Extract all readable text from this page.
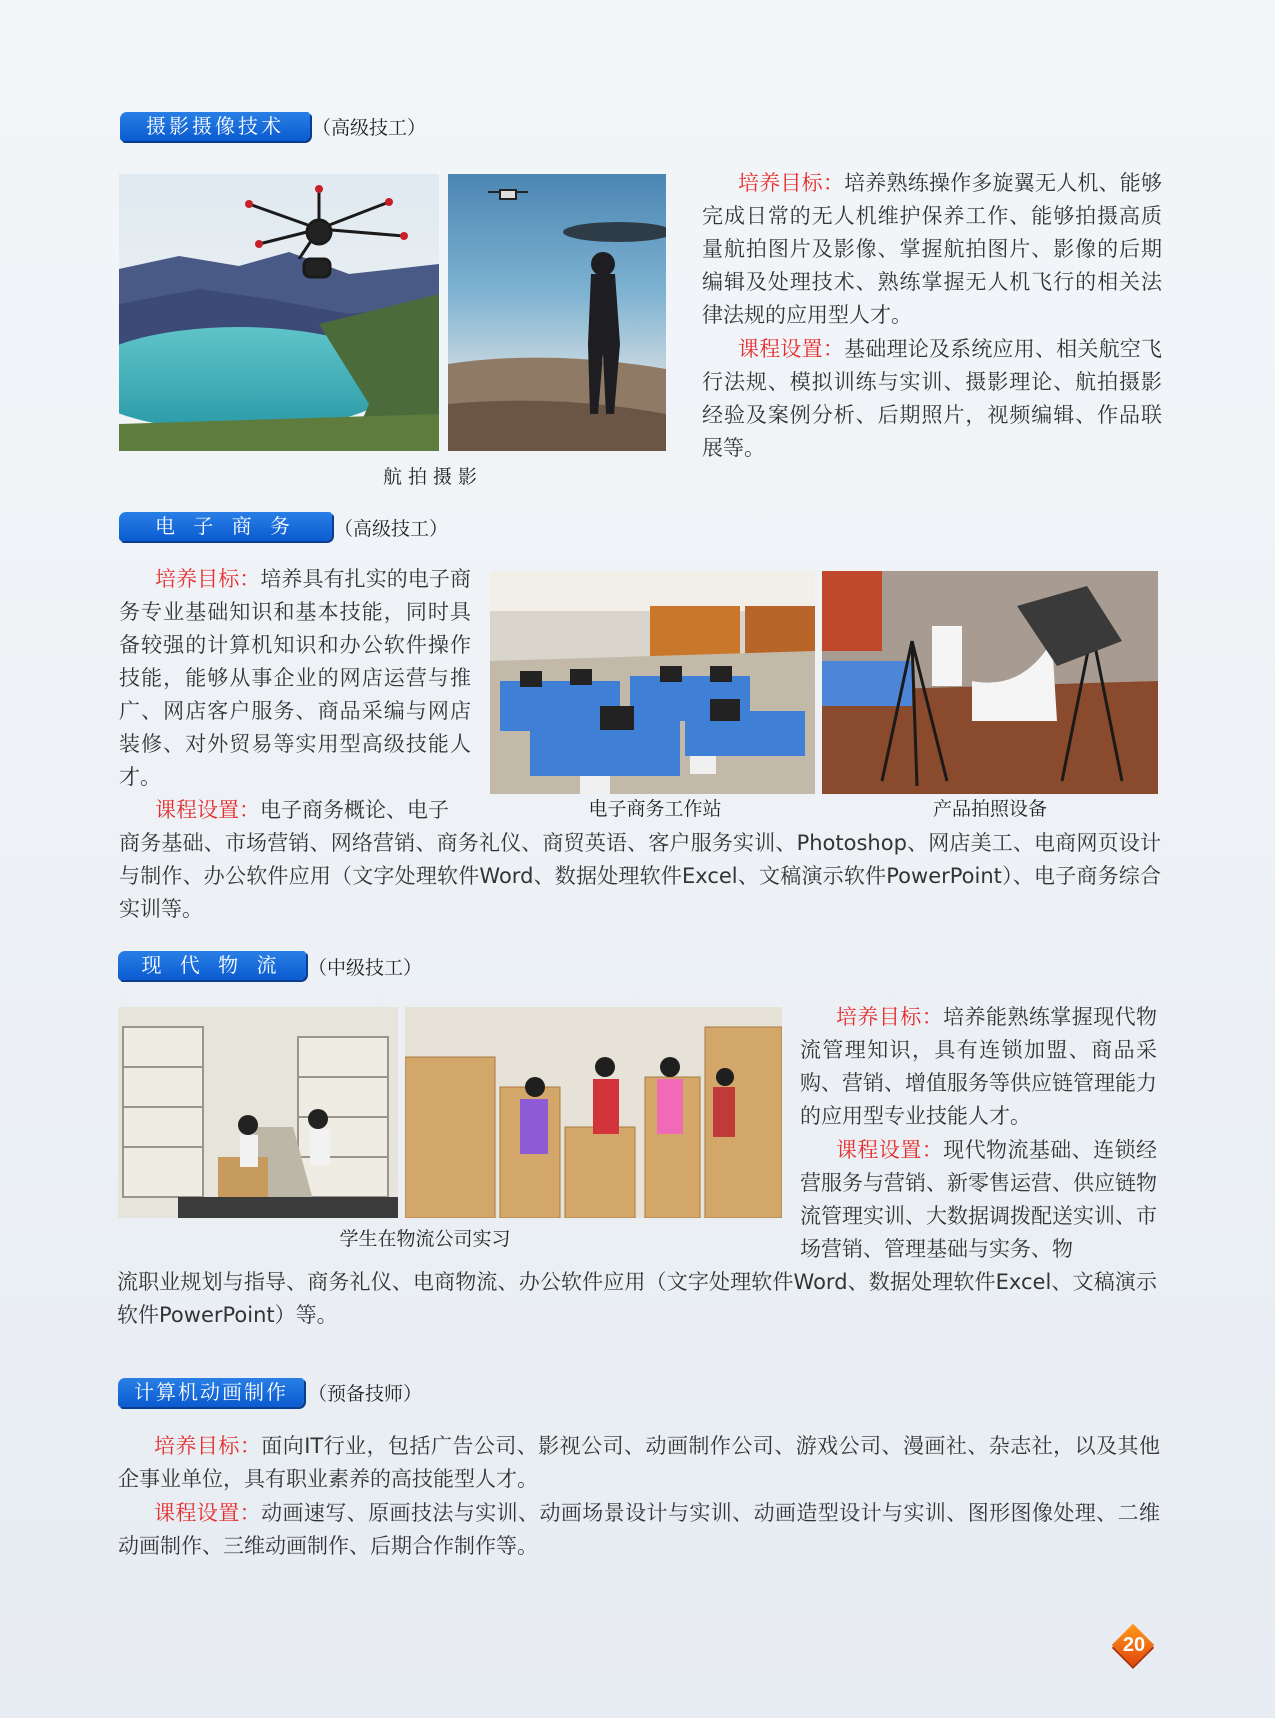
摄影摄像技术	（高级技工）
航 拍 摄 影

培养目标：培养熟练操作多旋翼无人机、能够完成日常的无人机维护保养工作、能够拍摄高质量航拍图片及影像、掌握航拍图片、影像的后期编辑及处理技术、熟练掌握无人机飞行的相关法律法规的应用型人才。

课程设置：基础理论及系统应用、相关航空飞行法规、模拟训练与实训、摄影理论、航拍摄影经验及案例分析、后期照片，视频编辑、作品联展等。

电 子 商 务	（高级技工）

培养目标：培养具有扎实的电子商务专业基础知识和基本技能，同时具备较强的计算机知识和办公软件操作技能，能够从事企业的网店运营与推广、网店客户服务、商品采编与网店装修、对外贸易等实用型高级技能人才。

课程设置：电子商务概论、电子

商务基础、市场营销、网络营销、商务礼仪、商贸英语、客户服务实训、Photoshop、网店美工、电商网页设计与制作、办公软件应用（文字处理软件Word、数据处理软件Excel、文稿演示软件PowerPoint）、电子商务综合实训等。

电子商务工作站	产品拍照设备
现 代 物 流	（中级技工）
学生在物流公司实习

培养目标：培养能熟练掌握现代物流管理知识，具有连锁加盟、商品采购、营销、增值服务等供应链管理能力的应用型专业技能人才。

课程设置：现代物流基础、连锁经营服务与营销、新零售运营、供应链物流管理实训、大数据调拨配送实训、市场营销、管理基础与实务、物

流职业规划与指导、商务礼仪、电商物流、办公软件应用（文字处理软件Word、数据处理软件Excel、文稿演示软件PowerPoint）等。

计算机动画制作	（预备技师）

培养目标：面向IT行业，包括广告公司、影视公司、动画制作公司、游戏公司、漫画社、杂志社，以及其他企事业单位，具有职业素养的高技能型人才。

课程设置：动画速写、原画技法与实训、动画场景设计与实训、动画造型设计与实训、图形图像处理、二维动画制作、三维动画制作、后期合作制作等。

20
